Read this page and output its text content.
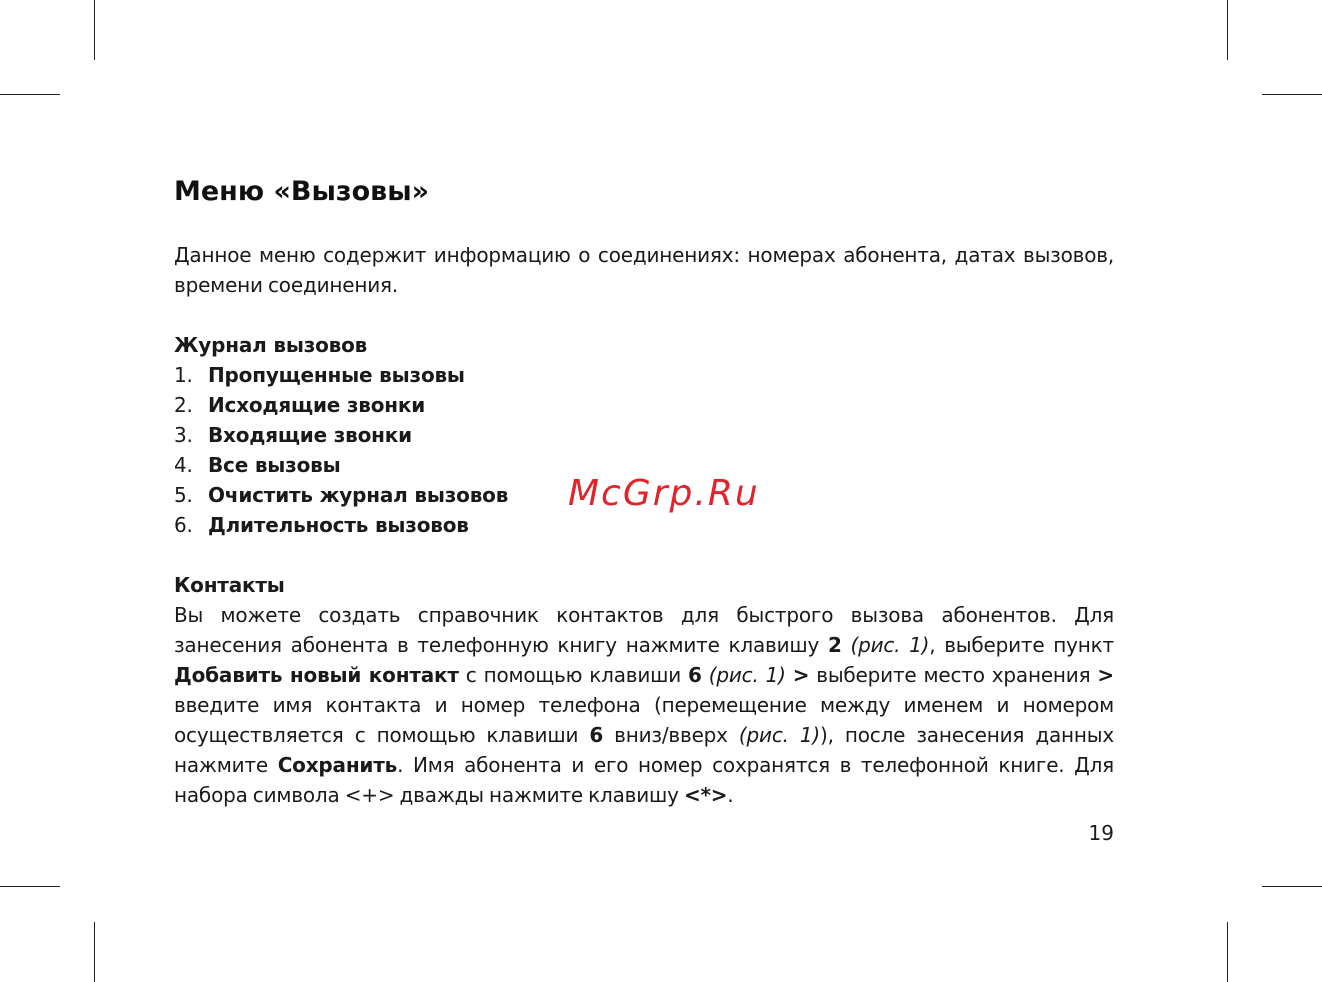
Меню «Вызовы»
Данное меню содержит информацию о соединениях: номерах абонента, датах вызовов, времени соединения.
Журнал вызовов
1. Пропущенные вызовы
2. Исходящие звонки
3. Входящие звонки
4. Все вызовы
5. Очистить журнал вызовов
6. Длительность вызовов
Контакты
Вы можете создать справочник контактов для быстрого вызова абонентов. Для занесения абонента в телефонную книгу нажмите клавишу 2 (рис. 1), выберите пункт Добавить новый контакт с помощью клавиши 6 (рис. 1) > выберите место хранения > введите имя контакта и номер телефона (перемещение между именем и номером осуществляется с помощью клавиши 6 вниз/вверх (рис. 1)), после занесения данных нажмите Сохранить. Имя абонента и его номер сохранятся в телефонной книге. Для набора символа <+> дважды нажмите клавишу <*>.
McGrp.Ru
19
